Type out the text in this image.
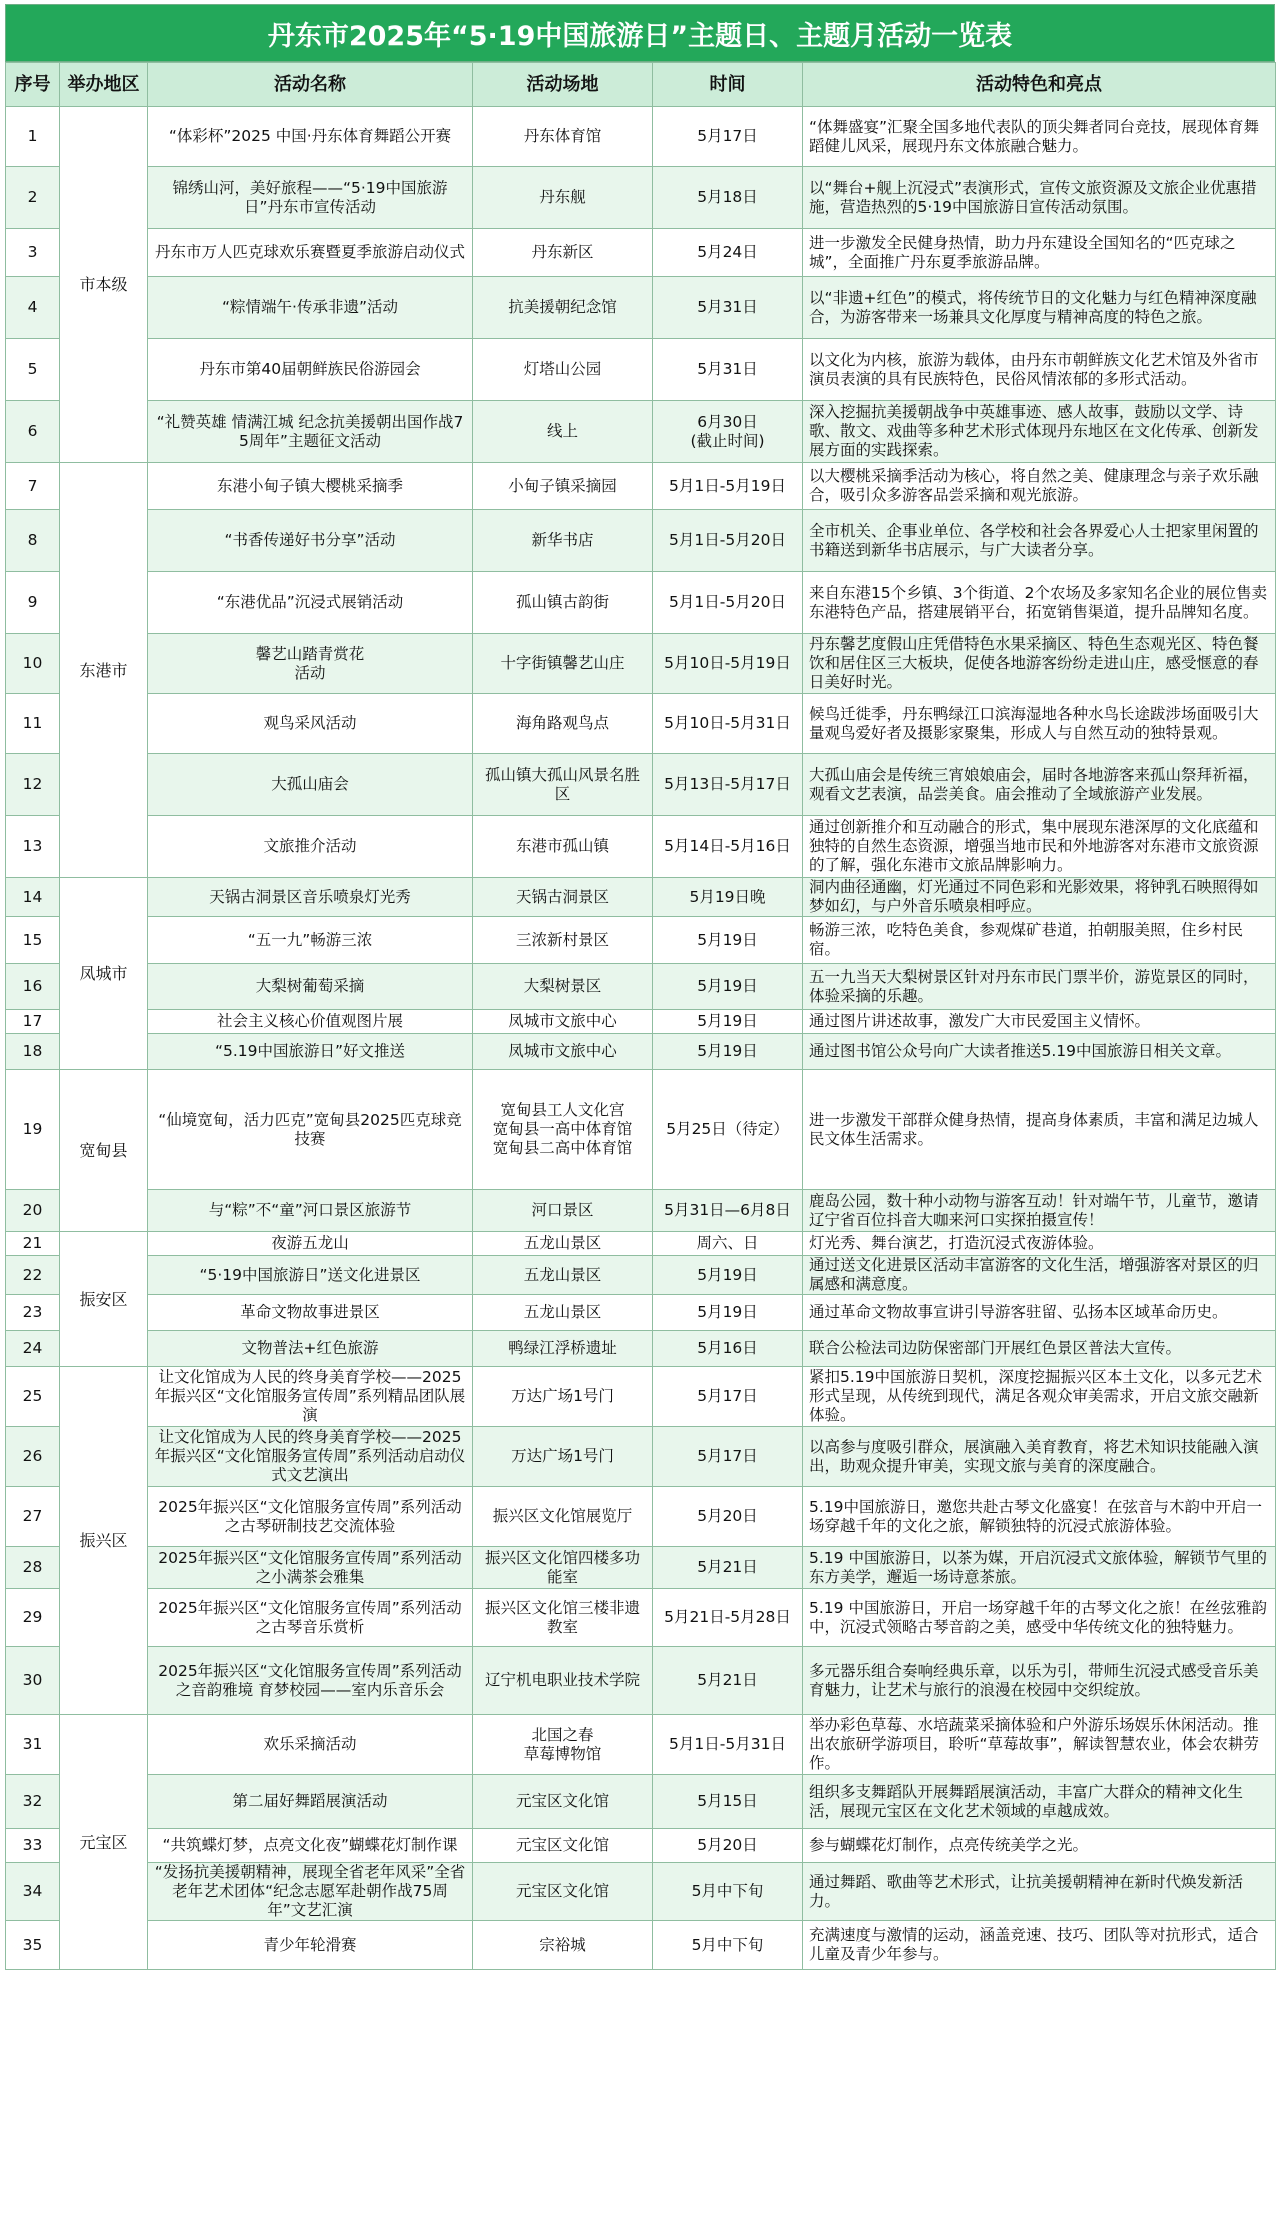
丹东市2025年“5·19中国旅游日”主题日、主题月活动一览表
序号	举办地区	活动名称	活动场地	时间	活动特色和亮点
1	市本级	“体彩杯”2025 中国·丹东体育舞蹈公开赛	丹东体育馆	5月17日	“体舞盛宴”汇聚全国多地代表队的顶尖舞者同台竞技，展现体育舞蹈健儿风采，展现丹东文体旅融合魅力。
2		锦绣山河，美好旅程——“5·19中国旅游日”丹东市宣传活动	丹东舰	5月18日	以“舞台+舰上沉浸式”表演形式，宣传文旅资源及文旅企业优惠措施，营造热烈的5·19中国旅游日宣传活动氛围。
3		丹东市万人匹克球欢乐赛暨夏季旅游启动仪式	丹东新区	5月24日	进一步激发全民健身热情，助力丹东建设全国知名的“匹克球之城”，全面推广丹东夏季旅游品牌。
4		“粽情端午·传承非遗”活动	抗美援朝纪念馆	5月31日	以“非遗+红色”的模式，将传统节日的文化魅力与红色精神深度融合，为游客带来一场兼具文化厚度与精神高度的特色之旅。
5		丹东市第40届朝鲜族民俗游园会	灯塔山公园	5月31日	以文化为内核，旅游为载体，由丹东市朝鲜族文化艺术馆及外省市演员表演的具有民族特色，民俗风情浓郁的多形式活动。
6		“礼赞英雄 情满江城 纪念抗美援朝出国作战75周年”主题征文活动	线上	6月30日
(截止时间)	深入挖掘抗美援朝战争中英雄事迹、感人故事，鼓励以文学、诗歌、散文、戏曲等多种艺术形式体现丹东地区在文化传承、创新发展方面的实践探索。
7	东港市	东港小甸子镇大樱桃采摘季	小甸子镇采摘园	5月1日-5月19日	以大樱桃采摘季活动为核心，将自然之美、健康理念与亲子欢乐融合，吸引众多游客品尝采摘和观光旅游。
8		“书香传递好书分享”活动	新华书店	5月1日-5月20日	全市机关、企事业单位、各学校和社会各界爱心人士把家里闲置的书籍送到新华书店展示，与广大读者分享。
9		“东港优品”沉浸式展销活动	孤山镇古韵街	5月1日-5月20日	来自东港15个乡镇、3个街道、2个农场及多家知名企业的展位售卖东港特色产品，搭建展销平台，拓宽销售渠道，提升品牌知名度。
10		馨艺山踏青赏花
活动	十字街镇馨艺山庄	5月10日-5月19日	丹东馨艺度假山庄凭借特色水果采摘区、特色生态观光区、特色餐饮和居住区三大板块，促使各地游客纷纷走进山庄，感受惬意的春日美好时光。
11		观鸟采风活动	海角路观鸟点	5月10日-5月31日	候鸟迁徙季，丹东鸭绿江口滨海湿地各种水鸟长途跋涉场面吸引大量观鸟爱好者及摄影家聚集，形成人与自然互动的独特景观。
12		大孤山庙会	孤山镇大孤山风景名胜区	5月13日-5月17日	大孤山庙会是传统三宵娘娘庙会，届时各地游客来孤山祭拜祈福，观看文艺表演，品尝美食。庙会推动了全域旅游产业发展。
13		文旅推介活动	东港市孤山镇	5月14日-5月16日	通过创新推介和互动融合的形式，集中展现东港深厚的文化底蕴和独特的自然生态资源，增强当地市民和外地游客对东港市文旅资源的了解，强化东港市文旅品牌影响力。
14	凤城市	天锅古洞景区音乐喷泉灯光秀	天锅古洞景区	5月19日晚	洞内曲径通幽，灯光通过不同色彩和光影效果，将钟乳石映照得如梦如幻，与户外音乐喷泉相呼应。
15		“五一九”畅游三浓	三浓新村景区	5月19日	畅游三浓，吃特色美食，参观煤矿巷道，拍朝服美照，住乡村民宿。
16		大梨树葡萄采摘	大梨树景区	5月19日	五一九当天大梨树景区针对丹东市民门票半价，游览景区的同时，体验采摘的乐趣。
17		社会主义核心价值观图片展	凤城市文旅中心	5月19日	通过图片讲述故事，激发广大市民爱国主义情怀。
18		“5.19中国旅游日”好文推送	凤城市文旅中心	5月19日	通过图书馆公众号向广大读者推送5.19中国旅游日相关文章。
19	宽甸县	“仙境宽甸，活力匹克”宽甸县2025匹克球竞技赛	宽甸县工人文化宫
宽甸县一高中体育馆
宽甸县二高中体育馆	5月25日（待定）	进一步激发干部群众健身热情，提高身体素质，丰富和满足边城人民文体生活需求。
20		与“粽”不“童”河口景区旅游节	河口景区	5月31日—6月8日	鹿岛公园，数十种小动物与游客互动！针对端午节，儿童节，邀请辽宁省百位抖音大咖来河口实探拍摄宣传！
21	振安区	夜游五龙山	五龙山景区	周六、日	灯光秀、舞台演艺，打造沉浸式夜游体验。
22		“5·19中国旅游日”送文化进景区	五龙山景区	5月19日	通过送文化进景区活动丰富游客的文化生活，增强游客对景区的归属感和满意度。
23		革命文物故事进景区	五龙山景区	5月19日	通过革命文物故事宣讲引导游客驻留、弘扬本区域革命历史。
24		文物普法+红色旅游	鸭绿江浮桥遗址	5月16日	联合公检法司边防保密部门开展红色景区普法大宣传。
25	振兴区	让文化馆成为人民的终身美育学校——2025年振兴区“文化馆服务宣传周”系列精品团队展演	万达广场1号门	5月17日	紧扣5.19中国旅游日契机，深度挖掘振兴区本土文化，以多元艺术形式呈现，从传统到现代，满足各观众审美需求，开启文旅交融新体验。
26		让文化馆成为人民的终身美育学校——2025年振兴区“文化馆服务宣传周”系列活动启动仪式文艺演出	万达广场1号门	5月17日	以高参与度吸引群众，展演融入美育教育，将艺术知识技能融入演出，助观众提升审美，实现文旅与美育的深度融合。
27		2025年振兴区“文化馆服务宣传周”系列活动之古琴研制技艺交流体验	振兴区文化馆展览厅	5月20日	5.19中国旅游日，邀您共赴古琴文化盛宴！在弦音与木韵中开启一场穿越千年的文化之旅，解锁独特的沉浸式旅游体验。
28		2025年振兴区“文化馆服务宣传周”系列活动之小满茶会雅集	振兴区文化馆四楼多功能室	5月21日	5.19 中国旅游日，以茶为媒，开启沉浸式文旅体验，解锁节气里的东方美学，邂逅一场诗意茶旅。
29		2025年振兴区“文化馆服务宣传周”系列活动之古琴音乐赏析	振兴区文化馆三楼非遗教室	5月21日-5月28日	5.19 中国旅游日，开启一场穿越千年的古琴文化之旅！在丝弦雅韵中，沉浸式领略古琴音韵之美，感受中华传统文化的独特魅力。
30		2025年振兴区“文化馆服务宣传周”系列活动之音韵雅境 育梦校园——室内乐音乐会	辽宁机电职业技术学院	5月21日	多元器乐组合奏响经典乐章，以乐为引，带师生沉浸式感受音乐美育魅力，让艺术与旅行的浪漫在校园中交织绽放。
31	元宝区	欢乐采摘活动	北国之春
草莓博物馆	5月1日-5月31日	举办彩色草莓、水培蔬菜采摘体验和户外游乐场娱乐休闲活动。推出农旅研学游项目，聆听“草莓故事”，解读智慧农业，体会农耕劳作。
32		第二届好舞蹈展演活动	元宝区文化馆	5月15日	组织多支舞蹈队开展舞蹈展演活动，丰富广大群众的精神文化生活，展现元宝区在文化艺术领域的卓越成效。
33		“共筑蝶灯梦，点亮文化夜”蝴蝶花灯制作课	元宝区文化馆	5月20日	参与蝴蝶花灯制作，点亮传统美学之光。
34		“发扬抗美援朝精神，展现全省老年风采”全省老年艺术团体“纪念志愿军赴朝作战75周年”文艺汇演	元宝区文化馆	5月中下旬	通过舞蹈、歌曲等艺术形式，让抗美援朝精神在新时代焕发新活力。
35		青少年轮滑赛	宗裕城	5月中下旬	充满速度与激情的运动，涵盖竞速、技巧、团队等对抗形式，适合儿童及青少年参与。
